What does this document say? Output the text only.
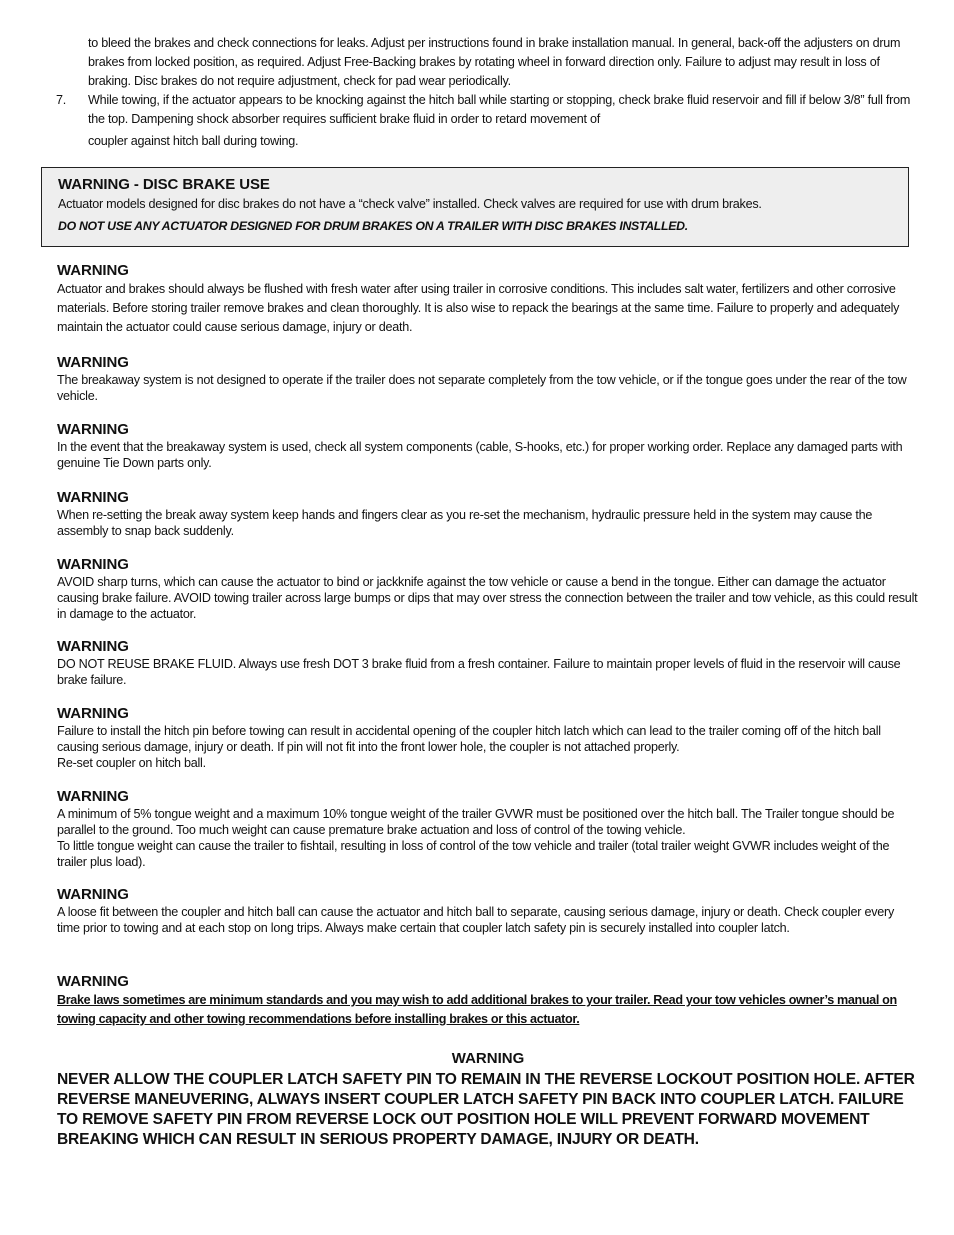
to bleed the brakes and check connections for leaks. Adjust per instructions found in brake installation manual. In general, back-off the adjusters on drum brakes from locked position, as required. Adjust Free-Backing brakes by rotating wheel in forward direction only. Failure to adjust may result in loss of braking. Disc brakes do not require adjustment, check for pad wear periodically.
7.	While towing, if the actuator appears to be knocking against the hitch ball while starting or stopping, check brake fluid reservoir and fill if below 3/8” full from the top. Dampening shock absorber requires sufficient brake fluid in order to retard movement of
coupler against hitch ball during towing.
WARNING - DISC BRAKE USE

Actuator models designed for disc brakes do not have a “check valve” installed. Check valves are required for use with drum brakes.

DO NOT USE ANY ACTUATOR DESIGNED FOR DRUM BRAKES ON A TRAILER WITH DISC BRAKES INSTALLED.

WARNING

Actuator and brakes should always be flushed with fresh water after using trailer in corrosive conditions. This includes salt water, fertilizers and other corrosive materials. Before storing trailer remove brakes and clean thoroughly. It is also wise to repack the bearings at the same time. Failure to properly and adequately maintain the actuator could cause serious damage, injury or death.

WARNING

The breakaway system is not designed to operate if the trailer does not separate completely from the tow vehicle, or if the tongue goes under the rear of the tow vehicle.

WARNING

In the event that the breakaway system is used, check all system components (cable, S-hooks, etc.) for proper working order. Replace any damaged parts with genuine Tie Down parts only.

WARNING

When re-setting the break away system keep hands and fingers clear as you re-set the mechanism, hydraulic pressure held in the system may cause the assembly to snap back suddenly.

WARNING

AVOID sharp turns, which can cause the actuator to bind or jackknife against the tow vehicle or cause a bend in the tongue. Either can damage the actuator causing brake failure. AVOID towing trailer across large bumps or dips that may over stress the connection between the trailer and tow vehicle, as this could result in damage to the actuator.

WARNING

DO NOT REUSE BRAKE FLUID. Always use fresh DOT 3 brake fluid from a fresh container. Failure to maintain proper levels of fluid in the reservoir will cause brake failure.

WARNING

Failure to install the hitch pin before towing can result in accidental opening of the coupler hitch latch which can lead to the trailer coming off of the hitch ball causing serious damage, injury or death. If pin will not fit into the front lower hole, the coupler is not attached properly.
Re-set coupler on hitch ball.

WARNING

A minimum of 5% tongue weight and a maximum 10% tongue weight of the trailer GVWR must be positioned over the hitch ball. The Trailer tongue should be parallel to the ground. Too much weight can cause premature brake actuation and loss of control of the towing vehicle.
To little tongue weight can cause the trailer to fishtail, resulting in loss of control of the tow vehicle and trailer (total trailer weight GVWR includes weight of the trailer plus load).

WARNING

A loose fit between the coupler and hitch ball can cause the actuator and hitch ball to separate, causing serious damage, injury or death. Check coupler every time prior to towing and at each stop on long trips. Always make certain that coupler latch safety pin is securely installed into coupler latch.

WARNING

Brake laws sometimes are minimum standards and you may wish to add additional brakes to your trailer. Read your tow vehicles owner’s manual on towing capacity and other towing recommendations before installing brakes or this actuator.

WARNING

NEVER ALLOW THE COUPLER LATCH SAFETY PIN TO REMAIN IN THE REVERSE LOCKOUT POSITION HOLE. AFTER REVERSE MANEUVERING, ALWAYS INSERT COUPLER LATCH SAFETY PIN BACK INTO COUPLER LATCH. FAILURE TO REMOVE SAFETY PIN FROM REVERSE LOCK OUT POSITION HOLE WILL PREVENT FORWARD MOVEMENT BREAKING WHICH CAN RESULT IN SERIOUS PROPERTY DAMAGE, INJURY OR DEATH.
